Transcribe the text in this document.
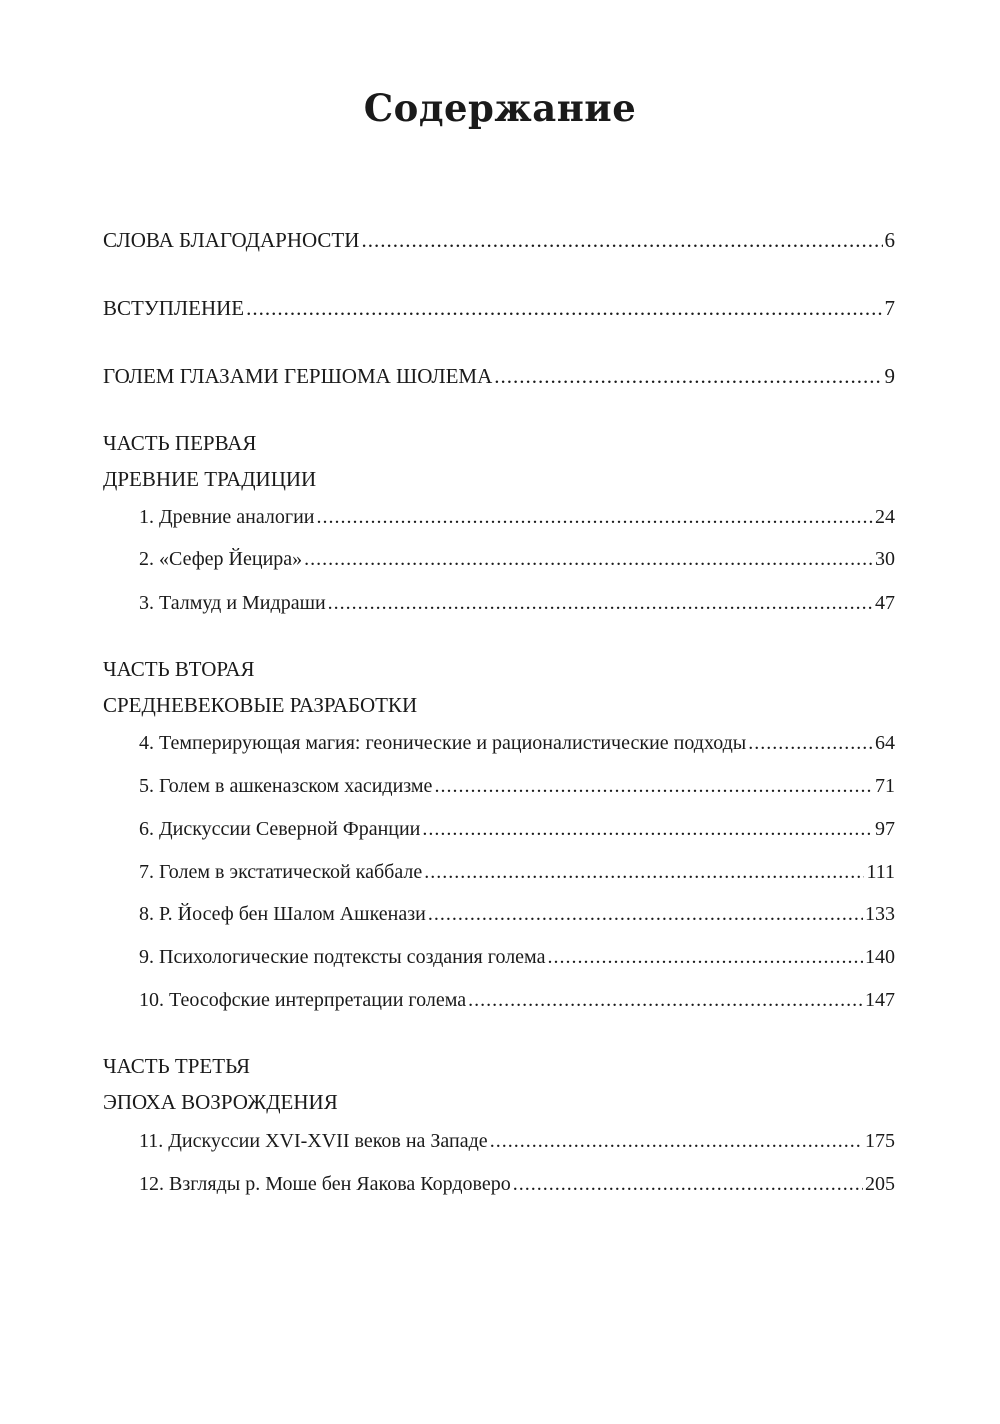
Содержание
СЛОВА БЛАГОДАРНОСТИ .....	6
ВСТУПЛЕНИЕ .....	7
ГОЛЕМ ГЛАЗАМИ ГЕРШОМА ШОЛЕМА .....	9
ЧАСТЬ ПЕРВАЯ
ДРЕВНИЕ ТРАДИЦИИ
1. Древние аналогии .....	24
2. «Сефер Йецира» .....	30
3. Талмуд и Мидраши .....	47
ЧАСТЬ ВТОРАЯ
СРЕДНЕВЕКОВЫЕ РАЗРАБОТКИ
4. Темперирующая магия: геонические и рационалистические подходы .....	64
5. Голем в ашкеназском хасидизме .....	71
6. Дискуссии Северной Франции .....	97
7. Голем в экстатической каббале .....	111
8. Р. Йосеф бен Шалом Ашкенази .....	133
9. Психологические подтексты создания голема .....	140
10. Теософские интерпретации голема .....	147
ЧАСТЬ ТРЕТЬЯ
ЭПОХА ВОЗРОЖДЕНИЯ
11. Дискуссии XVI-XVII веков на Западе .....	175
12. Взгляды р. Моше бен Яакова Кордоверо .....	205
